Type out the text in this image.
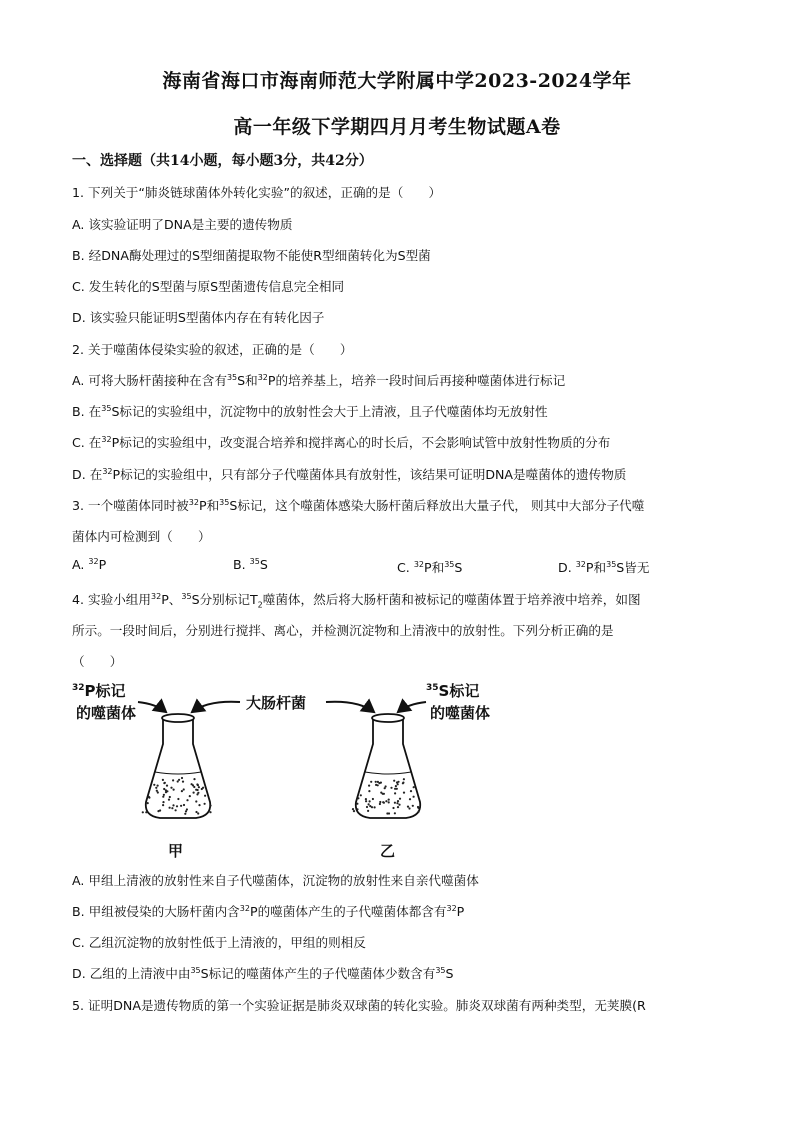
海南省海口市海南师范大学附属中学2023-2024学年
高一年级下学期四月月考生物试题A卷
一、选择题（共14小题，每小题3分，共42分）
1. 下列关于“肺炎链球菌体外转化实验”的叙述，正确的是（　　）
A. 该实验证明了DNA是主要的遗传物质
B. 经DNA酶处理过的S型细菌提取物不能使R型细菌转化为S型菌
C. 发生转化的S型菌与原S型菌遗传信息完全相同
D. 该实验只能证明S型菌体内存在有转化因子
2. 关于噬菌体侵染实验的叙述，正确的是（　　）
A. 可将大肠杆菌接种在含有$^{35}$S和$^{32}$P的培养基上，培养一段时间后再接种噬菌体进行标记
B. 在$^{35}$S标记的实验组中，沉淀物中的放射性会大于上清液，且子代噬菌体均无放射性
C. 在$^{32}$P标记的实验组中，改变混合培养和搅拌离心的时长后，不会影响试管中放射性物质的分布
D. 在$^{32}$P标记的实验组中，只有部分子代噬菌体具有放射性，该结果可证明DNA是噬菌体的遗传物质
3. 一个噬菌体同时被$^{32}$P和$^{35}$S标记，这个噬菌体感染大肠杆菌后释放出大量子代， 则其中大部分子代噬
菌体内可检测到（　　）
A. $^{32}$P	B. $^{35}$S	C. $^{32}$P和$^{35}$S	D. $^{32}$P和$^{35}$S皆无
4. 实验小组用$^{32}$P、$^{35}$S分别标记$T_2$噬菌体，然后将大肠杆菌和被标记的噬菌体置于培养液中培养，如图
所示。一段时间后，分别进行搅拌、离心，并检测沉淀物和上清液中的放射性。下列分析正确的是
（　　）
$^{32}$P标记
的噬菌体
大肠杆菌
$^{35}$S标记
的噬菌体
甲	乙
A. 甲组上清液的放射性来自子代噬菌体，沉淀物的放射性来自亲代噬菌体
B. 甲组被侵染的大肠杆菌内含$^{32}$P的噬菌体产生的子代噬菌体都含有$^{32}$P
C. 乙组沉淀物的放射性低于上清液的，甲组的则相反
D. 乙组的上清液中由$^{35}$S标记的噬菌体产生的子代噬菌体少数含有$^{35}$S
5. 证明DNA是遗传物质的第一个实验证据是肺炎双球菌的转化实验。肺炎双球菌有两种类型，无荚膜(R
